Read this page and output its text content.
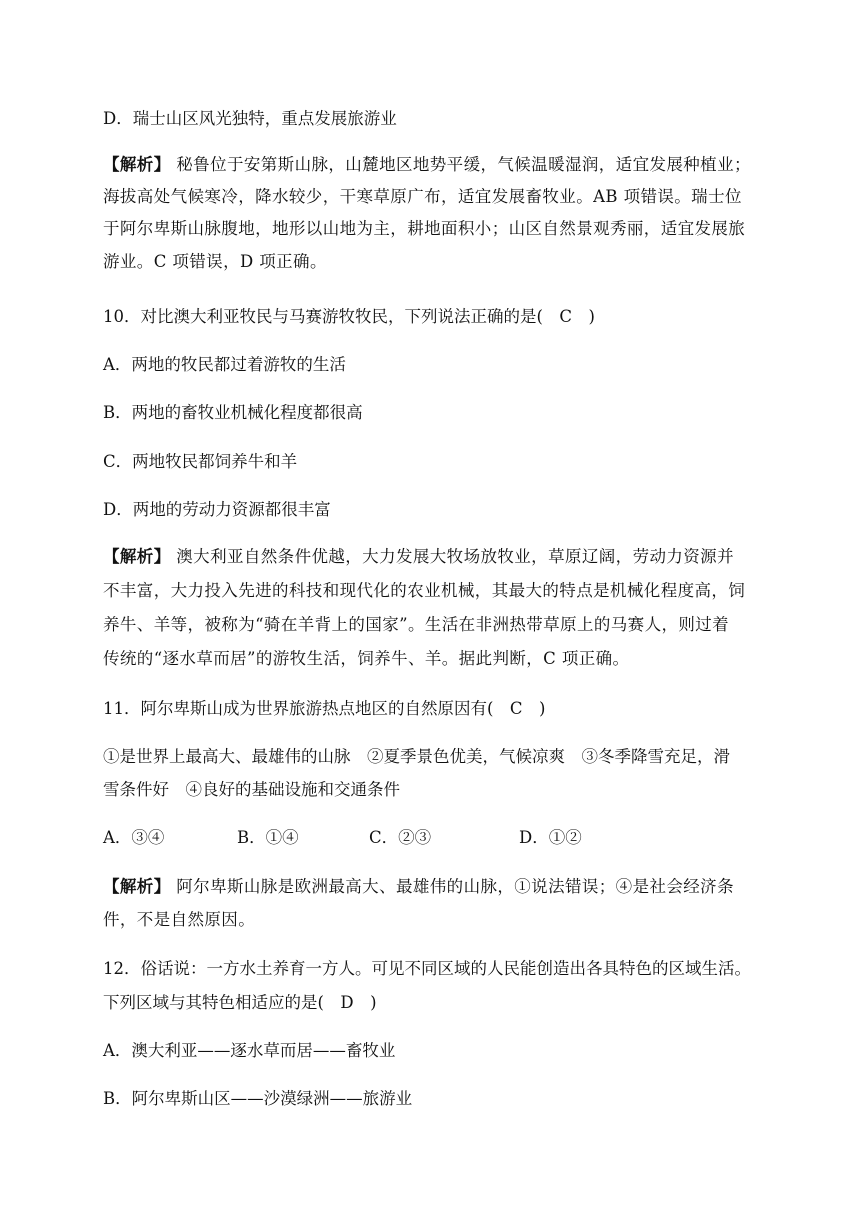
D．瑞士山区风光独特，重点发展旅游业
【解析】 秘鲁位于安第斯山脉，山麓地区地势平缓，气候温暖湿润，适宜发展种植业；
海拔高处气候寒冷，降水较少，干寒草原广布，适宜发展畜牧业。AB 项错误。瑞士位
于阿尔卑斯山脉腹地，地形以山地为主，耕地面积小；山区自然景观秀丽，适宜发展旅
游业。C 项错误，D 项正确。
10．对比澳大利亚牧民与马赛游牧牧民，下列说法正确的是(　C　)
A．两地的牧民都过着游牧的生活
B．两地的畜牧业机械化程度都很高
C．两地牧民都饲养牛和羊
D．两地的劳动力资源都很丰富
【解析】 澳大利亚自然条件优越，大力发展大牧场放牧业，草原辽阔，劳动力资源并
不丰富，大力投入先进的科技和现代化的农业机械，其最大的特点是机械化程度高，饲
养牛、羊等，被称为“骑在羊背上的国家”。生活在非洲热带草原上的马赛人，则过着
传统的“逐水草而居”的游牧生活，饲养牛、羊。据此判断，C 项正确。
11．阿尔卑斯山成为世界旅游热点地区的自然原因有(　C　)
①是世界上最高大、最雄伟的山脉　②夏季景色优美，气候凉爽　③冬季降雪充足，滑
雪条件好　④良好的基础设施和交通条件
A．③④	B．①④	C．②③	D．①②
【解析】 阿尔卑斯山脉是欧洲最高大、最雄伟的山脉，①说法错误；④是社会经济条
件，不是自然原因。
12．俗话说：一方水土养育一方人。可见不同区域的人民能创造出各具特色的区域生活。
下列区域与其特色相适应的是(　D　)
A．澳大利亚——逐水草而居——畜牧业
B．阿尔卑斯山区——沙漠绿洲——旅游业
